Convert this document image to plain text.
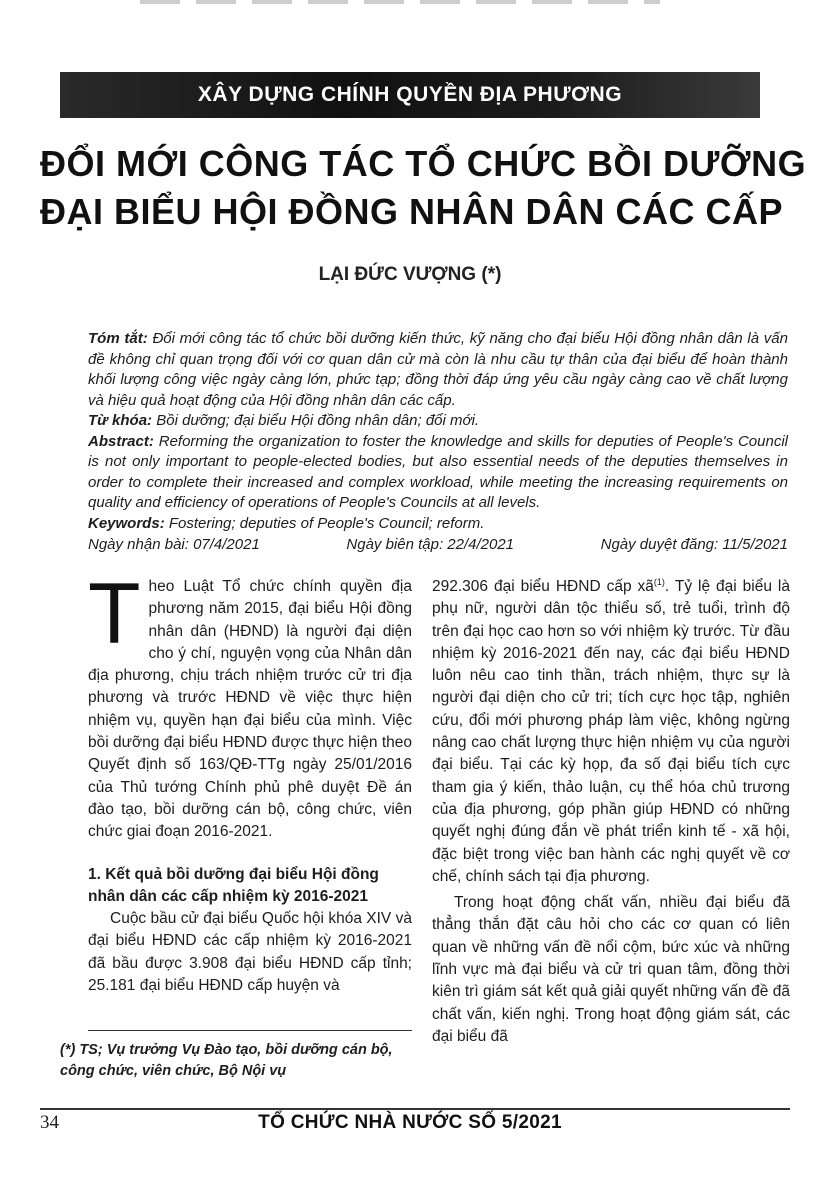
XÂY DỰNG CHÍNH QUYỀN ĐỊA PHƯƠNG
ĐỔI MỚI CÔNG TÁC TỔ CHỨC BỒI DƯỠNG
ĐẠI BIỂU HỘI ĐỒNG NHÂN DÂN CÁC CẤP
LẠI ĐỨC VƯỢNG (*)

Tóm tắt: Đổi mới công tác tổ chức bồi dưỡng kiến thức, kỹ năng cho đại biểu Hội đồng nhân dân là vấn đề không chỉ quan trọng đối với cơ quan dân cử mà còn là nhu cầu tự thân của đại biểu để hoàn thành khối lượng công việc ngày càng lớn, phức tạp; đồng thời đáp ứng yêu cầu ngày càng cao về chất lượng và hiệu quả hoạt động của Hội đồng nhân dân các cấp.

Từ khóa: Bồi dưỡng; đại biểu Hội đồng nhân dân; đổi mới.

Abstract: Reforming the organization to foster the knowledge and skills for deputies of People's Council is not only important to people-elected bodies, but also essential needs of the deputies themselves in order to complete their increased and complex workload, while meeting the increasing requirements on quality and efficiency of operations of People's Councils at all levels.

Keywords: Fostering; deputies of People's Council; reform.

Ngày nhận bài: 07/4/2021	Ngày biên tập: 22/4/2021	Ngày duyệt đăng: 11/5/2021

Theo Luật Tổ chức chính quyền địa phương năm 2015, đại biểu Hội đồng nhân dân (HĐND) là người đại diện cho ý chí, nguyện vọng của Nhân dân địa phương, chịu trách nhiệm trước cử tri địa phương và trước HĐND về việc thực hiện nhiệm vụ, quyền hạn đại biểu của mình. Việc bồi dưỡng đại biểu HĐND được thực hiện theo Quyết định số 163/QĐ-TTg ngày 25/01/2016 của Thủ tướng Chính phủ phê duyệt Đề án đào tạo, bồi dưỡng cán bộ, công chức, viên chức giai đoạn 2016-2021.

1. Kết quả bồi dưỡng đại biểu Hội đồng nhân dân các cấp nhiệm kỳ 2016-2021

Cuộc bầu cử đại biểu Quốc hội khóa XIV và đại biểu HĐND các cấp nhiệm kỳ 2016-2021 đã bầu được 3.908 đại biểu HĐND cấp tỉnh; 25.181 đại biểu HĐND cấp huyện và

292.306 đại biểu HĐND cấp $xã^{(1)}$. Tỷ lệ đại biểu là phụ nữ, người dân tộc thiểu số, trẻ tuổi, trình độ trên đại học cao hơn so với nhiệm kỳ trước. Từ đầu nhiệm kỳ 2016-2021 đến nay, các đại biểu HĐND luôn nêu cao tinh thần, trách nhiệm, thực sự là người đại diện cho cử tri; tích cực học tập, nghiên cứu, đổi mới phương pháp làm việc, không ngừng nâng cao chất lượng thực hiện nhiệm vụ của người đại biểu. Tại các kỳ họp, đa số đại biểu tích cực tham gia ý kiến, thảo luận, cụ thể hóa chủ trương của địa phương, góp phần giúp HĐND có những quyết nghị đúng đắn về phát triển kinh tế - xã hội, đặc biệt trong việc ban hành các nghị quyết về cơ chế, chính sách tại địa phương.

Trong hoạt động chất vấn, nhiều đại biểu đã thẳng thắn đặt câu hỏi cho các cơ quan có liên quan về những vấn đề nổi cộm, bức xúc và những lĩnh vực mà đại biểu và cử tri quan tâm, đồng thời kiên trì giám sát kết quả giải quyết những vấn đề đã chất vấn, kiến nghị. Trong hoạt động giám sát, các đại biểu đã

(*) TS; Vụ trưởng Vụ Đào tạo, bồi dưỡng cán bộ, công chức, viên chức, Bộ Nội vụ
34	TỔ CHỨC NHÀ NƯỚC SỐ 5/2021
